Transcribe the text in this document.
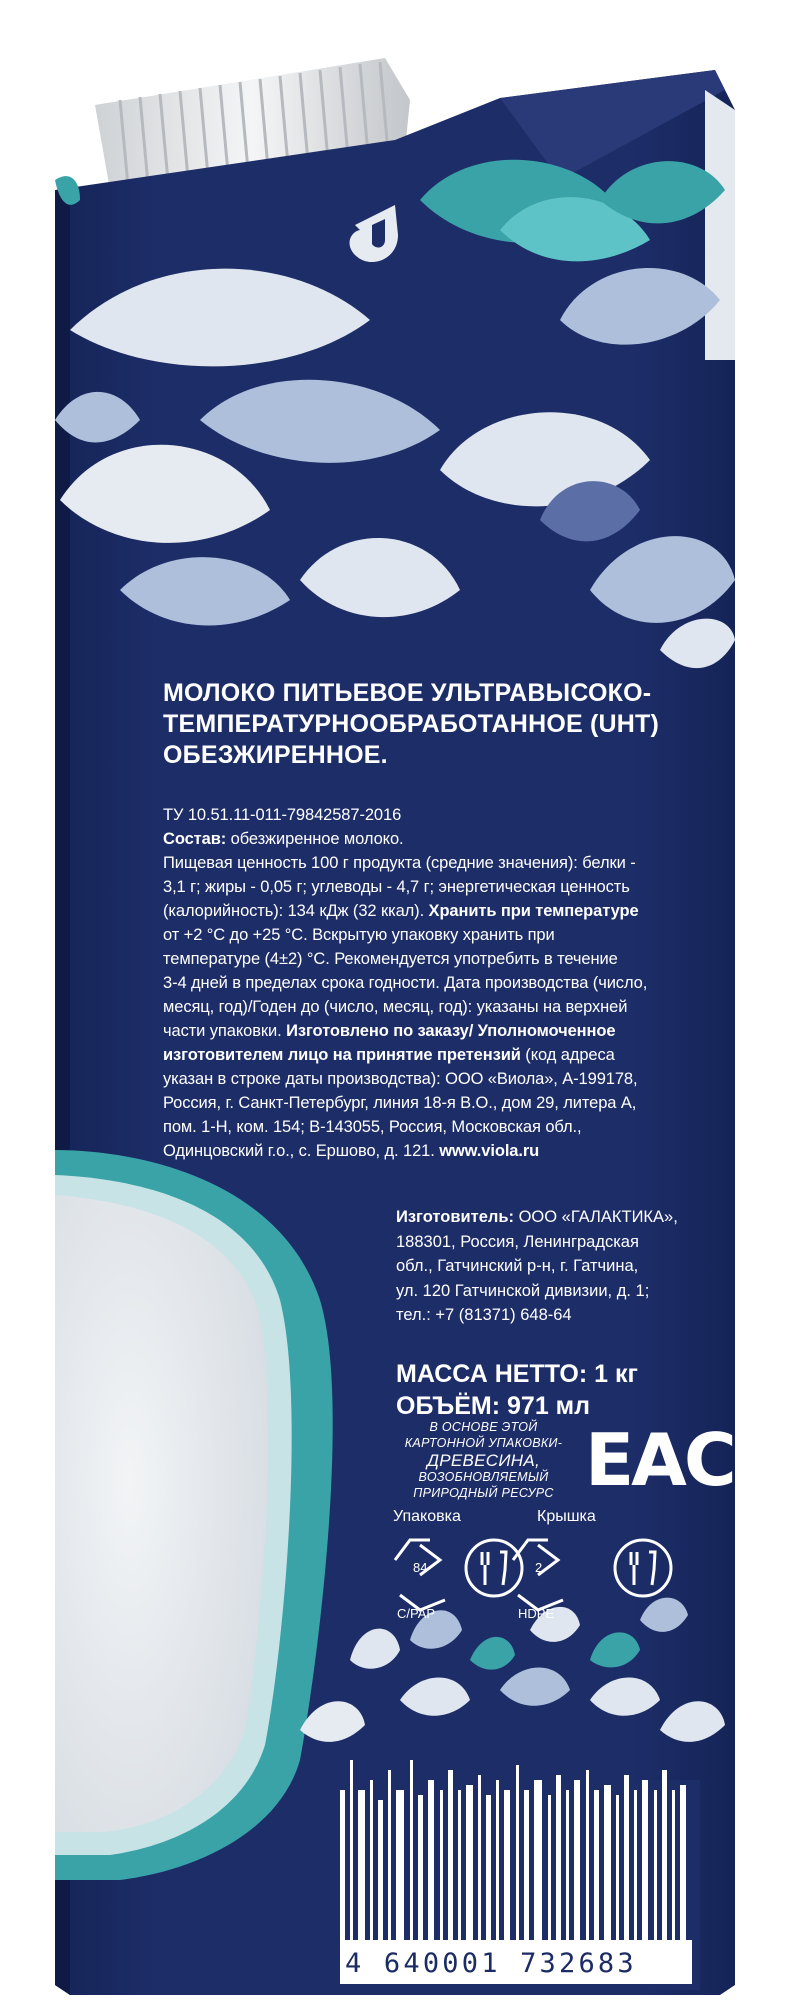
МОЛОКО ПИТЬЕВОЕ УЛЬТРАВЫСОКО-
ТЕМПЕРАТУРНООБРАБОТАННОЕ (UHT)
ОБЕЗЖИРЕННОЕ.
ТУ 10.51.11-011-79842587-2016
Состав: обезжиренное молоко.
Пищевая ценность 100 г продукта (средние значения): белки -
3,1 г; жиры - 0,05 г; углеводы - 4,7 г; энергетическая ценность
(калорийность): 134 кДж (32 ккал). Хранить при температуре
от +2 °С до +25 °С. Вскрытую упаковку хранить при
температуре (4±2) °С. Рекомендуется употребить в течение
3-4 дней в пределах срока годности. Дата производства (число,
месяц, год)/Годен до (число, месяц, год): указаны на верхней
части упаковки. Изготовлено по заказу/ Уполномоченное
изготовителем лицо на принятие претензий (код адреса
указан в строке даты производства): ООО «Виола», А-199178,
Россия, г. Санкт-Петербург, линия 18-я В.О., дом 29, литера А,
пом. 1-Н, ком. 154; В-143055, Россия, Московская обл.,
Одинцовский г.о., с. Ершово, д. 121. www.viola.ru
Изготовитель: ООО «ГАЛАКТИКА»,
188301, Россия, Ленинградская
обл., Гатчинский р-н, г. Гатчина,
ул. 120 Гатчинской дивизии, д. 1;
тел.: +7 (81371) 648-64
МАССА НЕТТО: 1 кг
ОБЪЁМ: 971 мл
В ОСНОВЕ ЭТОЙ
КАРТОННОЙ УПАКОВКИ-
ДРЕВЕСИНА,
ВОЗОБНОВЛЯЕМЫЙ
ПРИРОДНЫЙ РЕСУРС ЕАС
Упаковка	Крышка
84	2
C/PAP	HDPE
4 640001 732683
